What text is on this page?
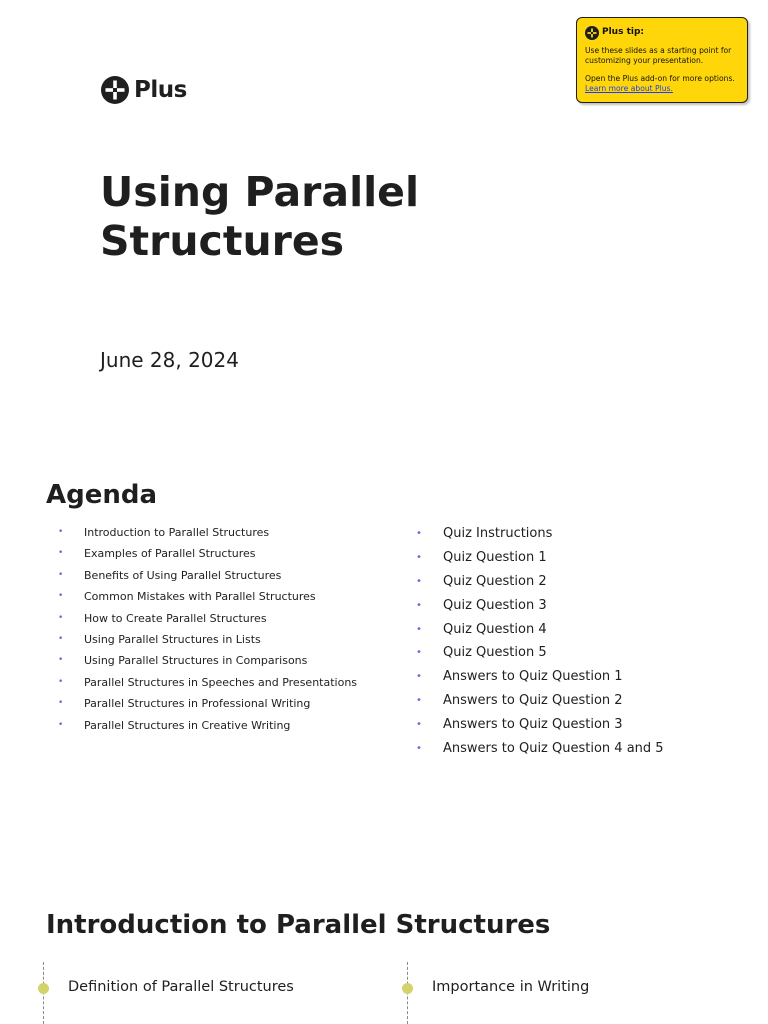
Plus tip:

Use these slides as a starting point for customizing your presentation.

Open the Plus add-on for more options. Learn more about Plus.

Plus
Using Parallel Structures
June 28, 2024
Agenda
•	Introduction to Parallel Structures
•	Examples of Parallel Structures
•	Benefits of Using Parallel Structures
•	Common Mistakes with Parallel Structures
•	How to Create Parallel Structures
•	Using Parallel Structures in Lists
•	Using Parallel Structures in Comparisons
•	Parallel Structures in Speeches and Presentations
•	Parallel Structures in Professional Writing
•	Parallel Structures in Creative Writing
•	Quiz Instructions
•	Quiz Question 1
•	Quiz Question 2
•	Quiz Question 3
•	Quiz Question 4
•	Quiz Question 5
•	Answers to Quiz Question 1
•	Answers to Quiz Question 2
•	Answers to Quiz Question 3
•	Answers to Quiz Question 4 and 5
Introduction to Parallel Structures
Definition of Parallel Structures	Importance in Writing
